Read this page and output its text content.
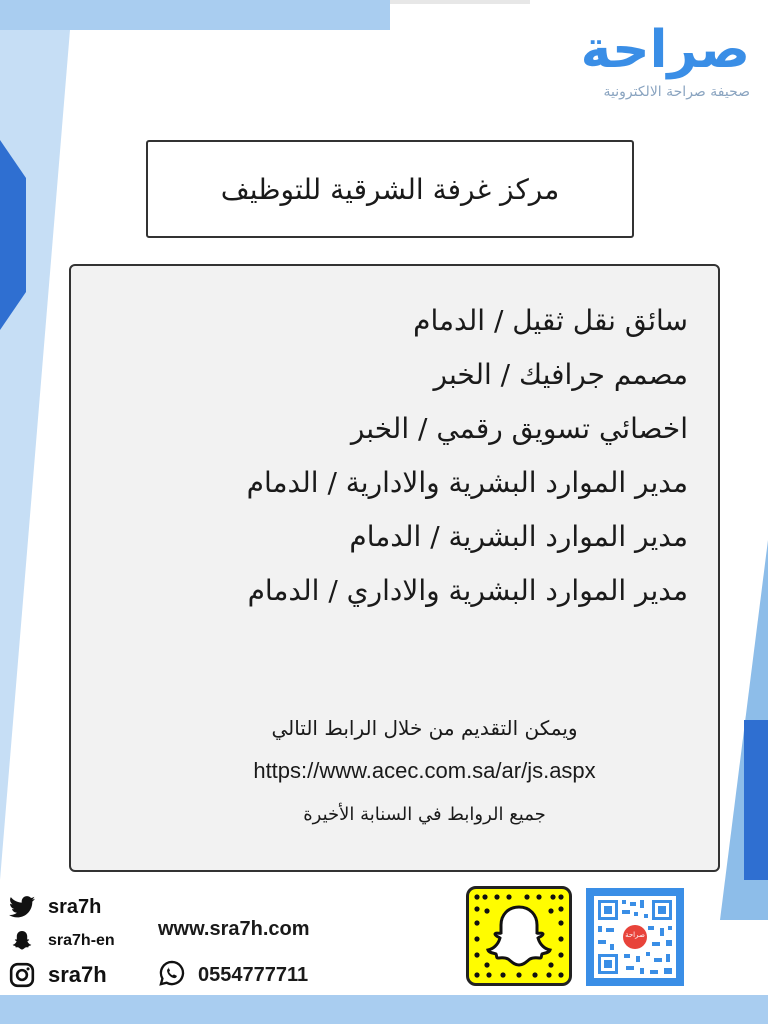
صراحة
صحيفة صراحة الالكترونية
مركز غرفة الشرقية للتوظيف
سائق نقل ثقيل / الدمام
مصمم جرافيك / الخبر
اخصائي تسويق رقمي / الخبر
مدير الموارد البشرية والادارية / الدمام
مدير الموارد البشرية / الدمام
مدير الموارد البشرية والاداري / الدمام
ويمكن التقديم من خلال الرابط التالي
https://www.acec.com.sa/ar/js.aspx
جميع الروابط في السنابة الأخيرة
sra7h
sra7h-en
sra7h
www.sra7h.com
0554777711
صراحة
